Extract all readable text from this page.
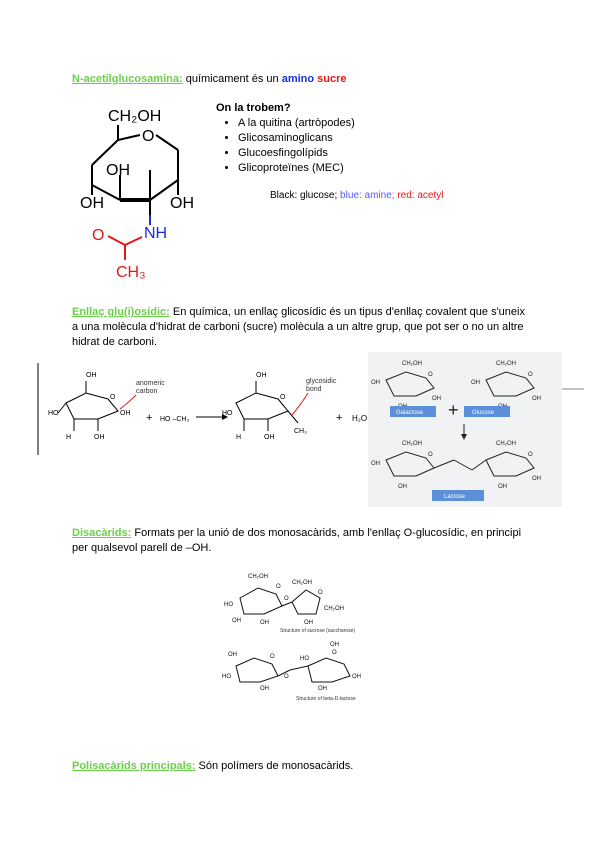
N-acetilglucosamina: químicament és un amino sucre
CH₂OH
O
OH
OH	OH
NH
O
CH₃
On la trobem?
• A la quitina (artròpodes)
• Glicosaminoglicans
• Glucoesfingolípids
• Glicoproteïnes (MEC)
Black: glucose; blue: amine; red: acetyl
Enllaç glu(i)osídic: En química, un enllaç glicosídic és un tipus d'enllaç covalent que s'uneix a una molècula d'hidrat de carboni (sucre) molècula a un altre grup, que pot ser o no un altre hidrat de carboni.
OH
O
HO
H	OH
OH
anomeric
carbon
+ HO ‒CH₃
OH
O
HO
H	OH
CH₃
glycosidic
bond
+ H₂O
CH₂OH	CH₂OH
OH	OH
O	O
OH	OH
CH₂OH	CH₂OH
OH
O	O
OH	OH
OH
Galactose + Glucose
Lactose
Disacàrids: Formats per la unió de dos monosacàrids, amb l'enllaç O-glucosídic, en principi per qualsevol parell de –OH.
CH₂OH
CH₂OH
O
O
HO
OH
OH
CH₂OH
OH
O
OH	O
HO
OH
O
HO
O
OH
OH
OH
Structure of sucrose (saccharose)
Structure of beta-D-lactose
Polisacàrids principals: Són polímers de monosacàrids.
